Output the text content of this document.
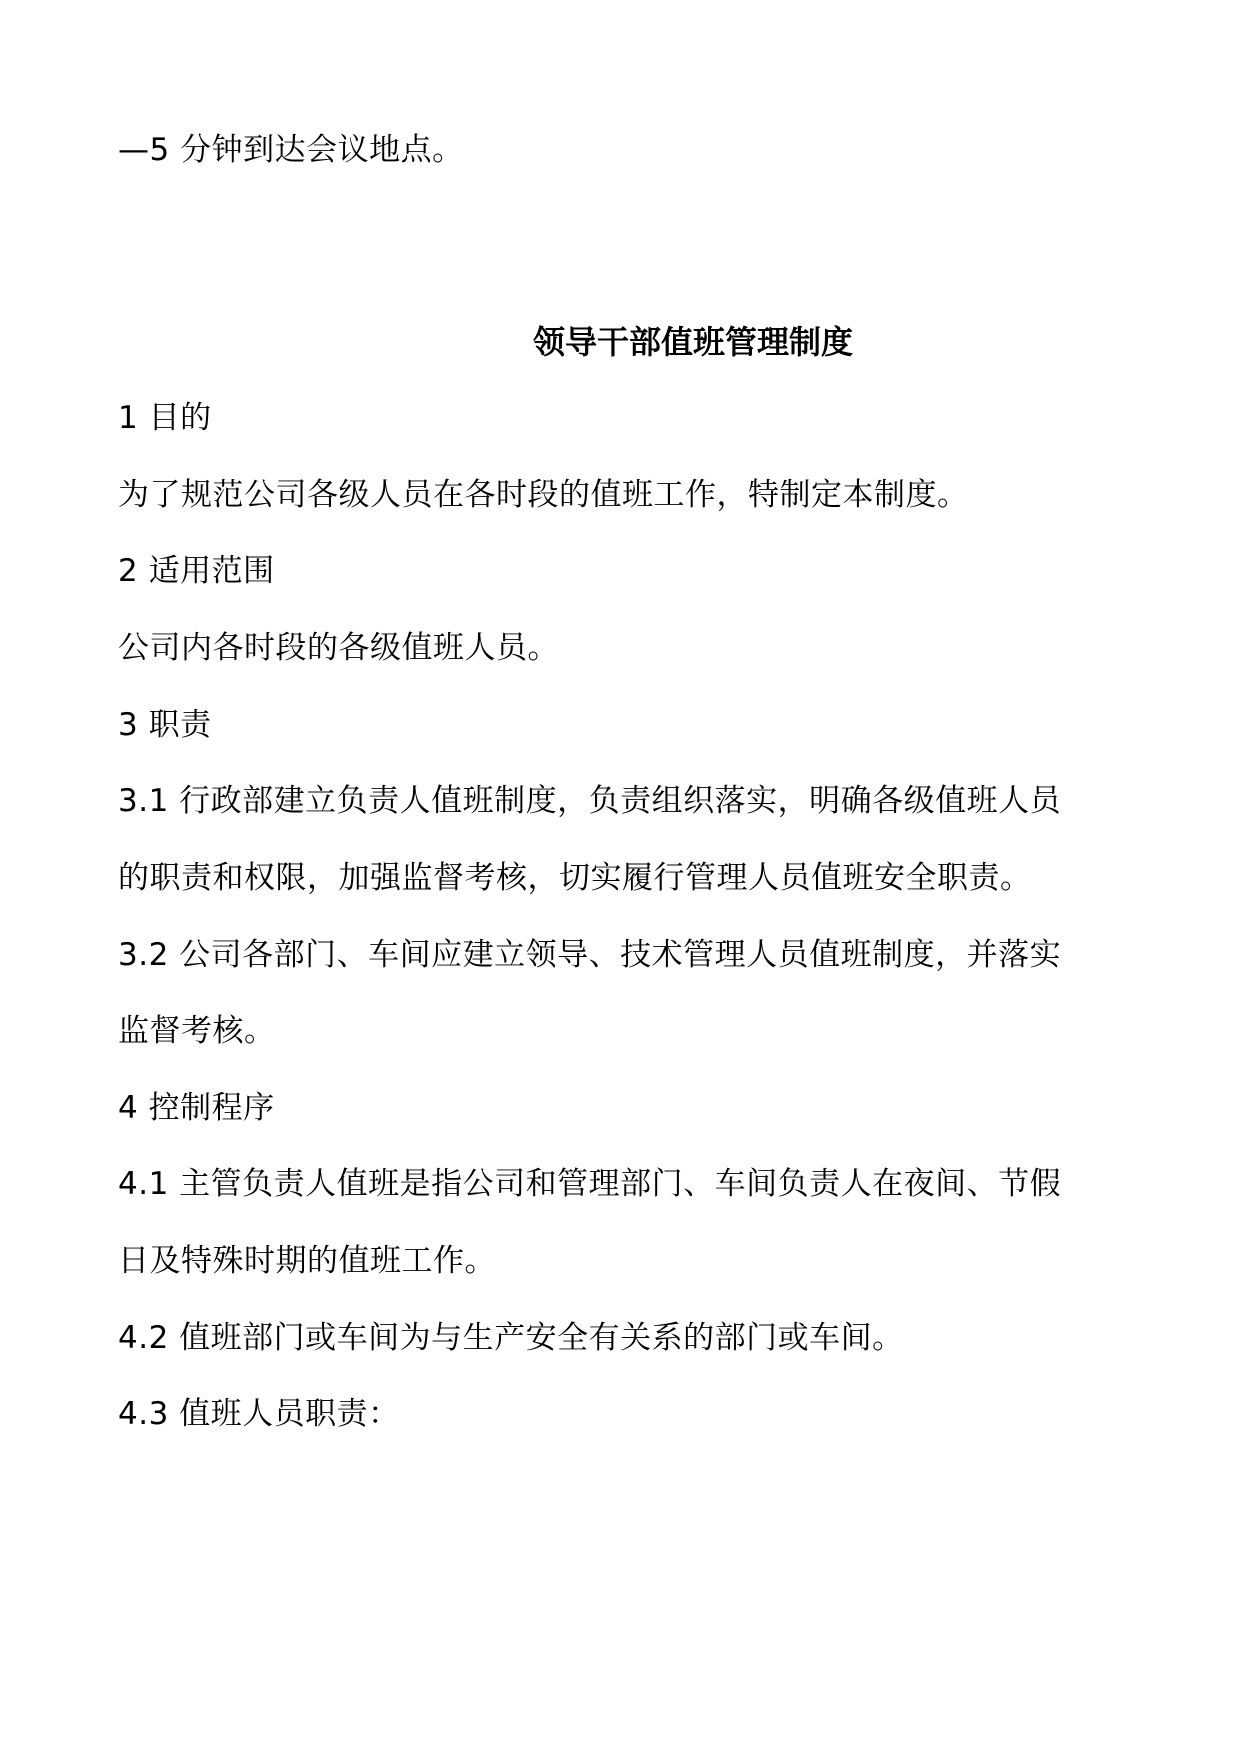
—5 分钟到达会议地点。
领导干部值班管理制度
1 目的
为了规范公司各级人员在各时段的值班工作，特制定本制度。
2 适用范围
公司内各时段的各级值班人员。
3 职责
3.1 行政部建立负责人值班制度，负责组织落实，明确各级值班人员
的职责和权限，加强监督考核，切实履行管理人员值班安全职责。
3.2 公司各部门、车间应建立领导、技术管理人员值班制度，并落实
监督考核。
4 控制程序
4.1 主管负责人值班是指公司和管理部门、车间负责人在夜间、节假
日及特殊时期的值班工作。
4.2 值班部门或车间为与生产安全有关系的部门或车间。
4.3 值班人员职责：
